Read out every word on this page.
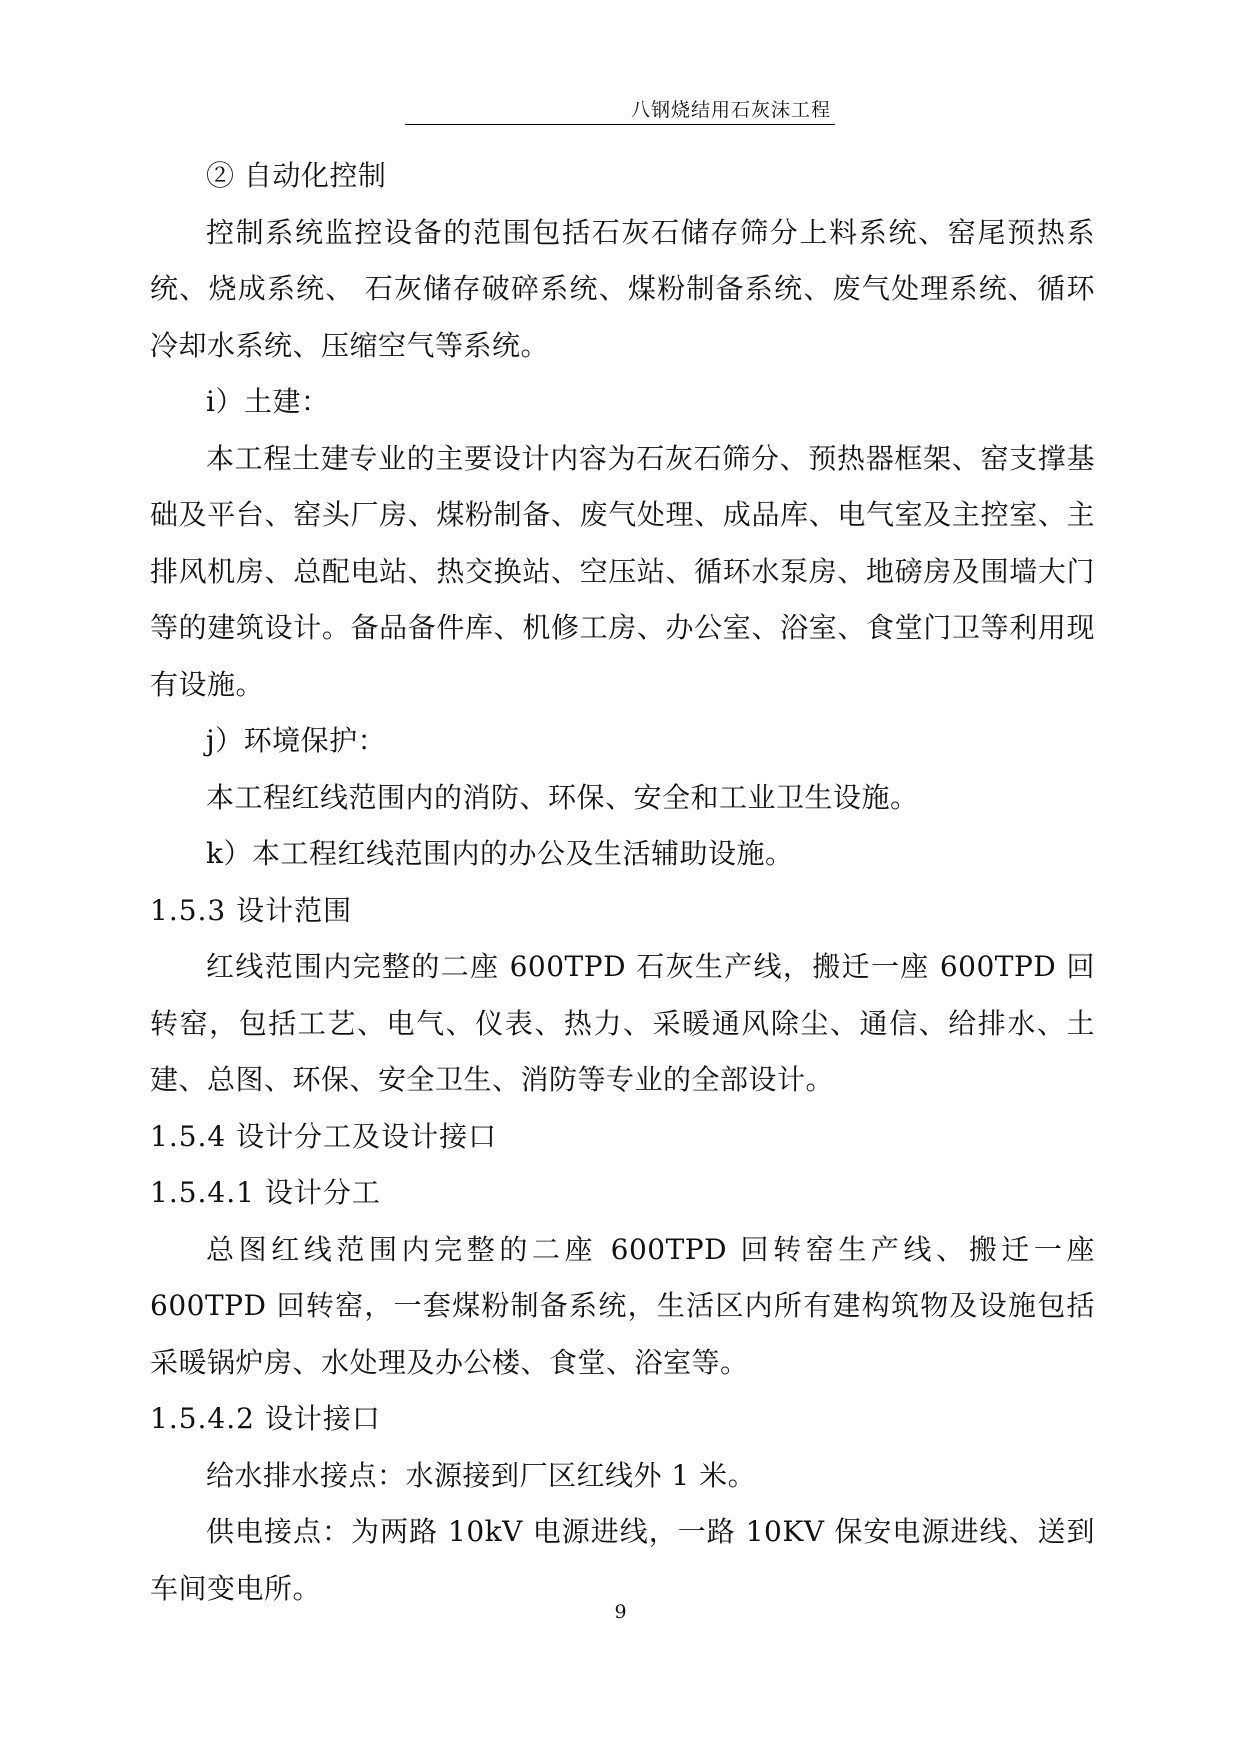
八钢烧结用石灰沫工程

② 自动化控制

控制系统监控设备的范围包括石灰石储存筛分上料系统、窑尾预热系统、烧成系统、 石灰储存破碎系统、煤粉制备系统、废气处理系统、循环冷却水系统、压缩空气等系统。

i）土建：

本工程土建专业的主要设计内容为石灰石筛分、预热器框架、窑支撑基础及平台、窑头厂房、煤粉制备、废气处理、成品库、电气室及主控室、主排风机房、总配电站、热交换站、空压站、循环水泵房、地磅房及围墙大门等的建筑设计。备品备件库、机修工房、办公室、浴室、食堂门卫等利用现有设施。

j）环境保护：

本工程红线范围内的消防、环保、安全和工业卫生设施。

k）本工程红线范围内的办公及生活辅助设施。

1.5.3 设计范围

红线范围内完整的二座 600TPD 石灰生产线，搬迁一座 600TPD 回转窑，包括工艺、电气、仪表、热力、采暖通风除尘、通信、给排水、土建、总图、环保、安全卫生、消防等专业的全部设计。

1.5.4 设计分工及设计接口

1.5.4.1 设计分工

总图红线范围内完整的二座 600TPD 回转窑生产线、搬迁一座 600TPD 回转窑，一套煤粉制备系统，生活区内所有建构筑物及设施包括采暖锅炉房、水处理及办公楼、食堂、浴室等。

1.5.4.2 设计接口

给水排水接点：水源接到厂区红线外 1 米。

供电接点：为两路 10kV 电源进线，一路 10KV 保安电源进线、送到车间变电所。

9
